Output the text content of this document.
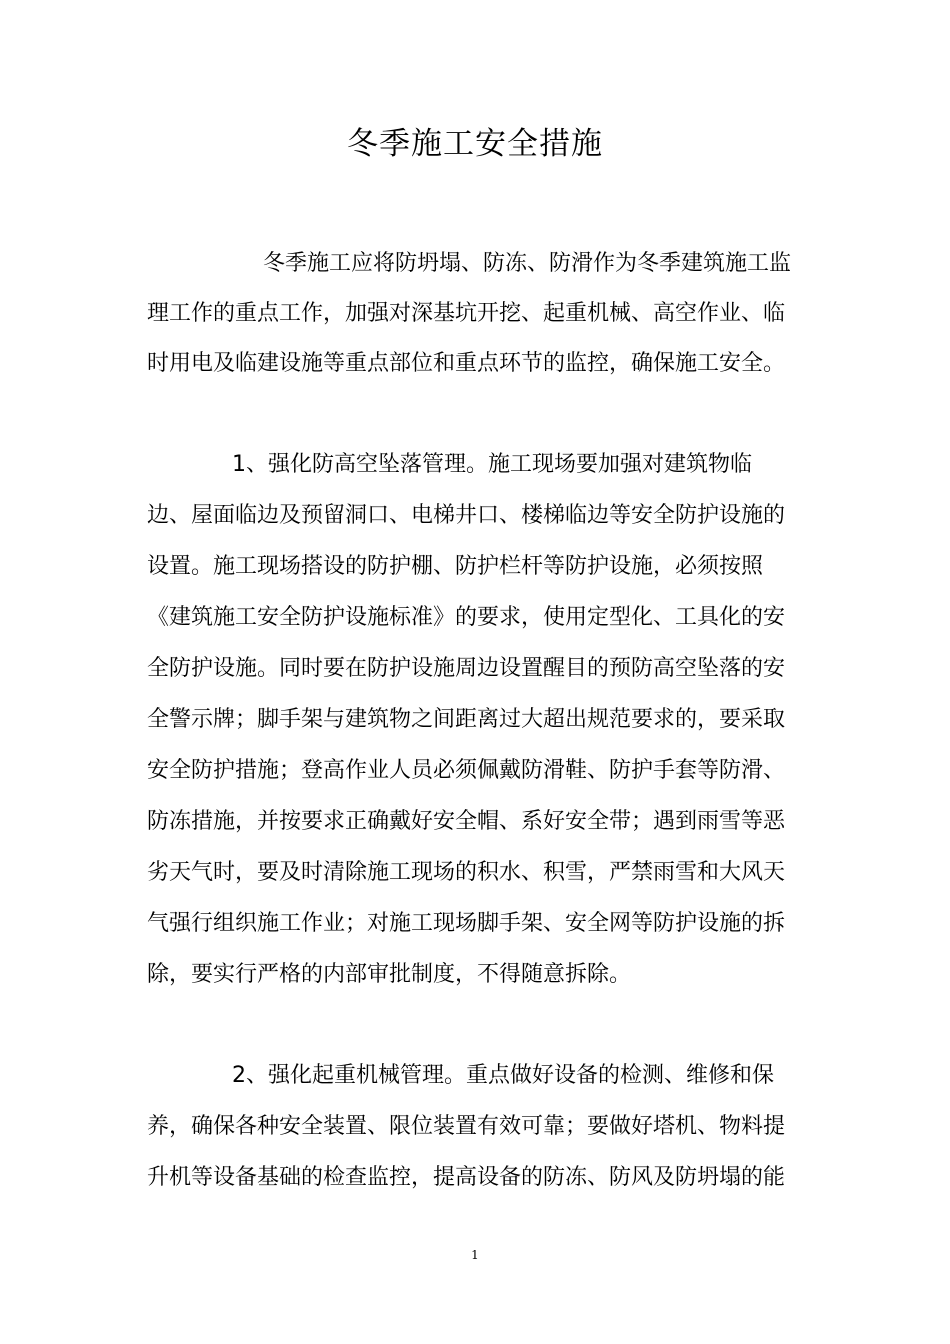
冬季施工安全措施
冬季施工应将防坍塌、防冻、防滑作为冬季建筑施工监
理工作的重点工作，加强对深基坑开挖、起重机械、高空作业、临
时用电及临建设施等重点部位和重点环节的监控，确保施工安全。
1、强化防高空坠落管理。施工现场要加强对建筑物临
边、屋面临边及预留洞口、电梯井口、楼梯临边等安全防护设施的
设置。施工现场搭设的防护棚、防护栏杆等防护设施，必须按照
《建筑施工安全防护设施标准》的要求，使用定型化、工具化的安
全防护设施。同时要在防护设施周边设置醒目的预防高空坠落的安
全警示牌；脚手架与建筑物之间距离过大超出规范要求的，要采取
安全防护措施；登高作业人员必须佩戴防滑鞋、防护手套等防滑、
防冻措施，并按要求正确戴好安全帽、系好安全带；遇到雨雪等恶
劣天气时，要及时清除施工现场的积水、积雪，严禁雨雪和大风天
气强行组织施工作业；对施工现场脚手架、安全网等防护设施的拆
除，要实行严格的内部审批制度，不得随意拆除。
2、强化起重机械管理。重点做好设备的检测、维修和保
养，确保各种安全装置、限位装置有效可靠；要做好塔机、物料提
升机等设备基础的检查监控，提高设备的防冻、防风及防坍塌的能
1
